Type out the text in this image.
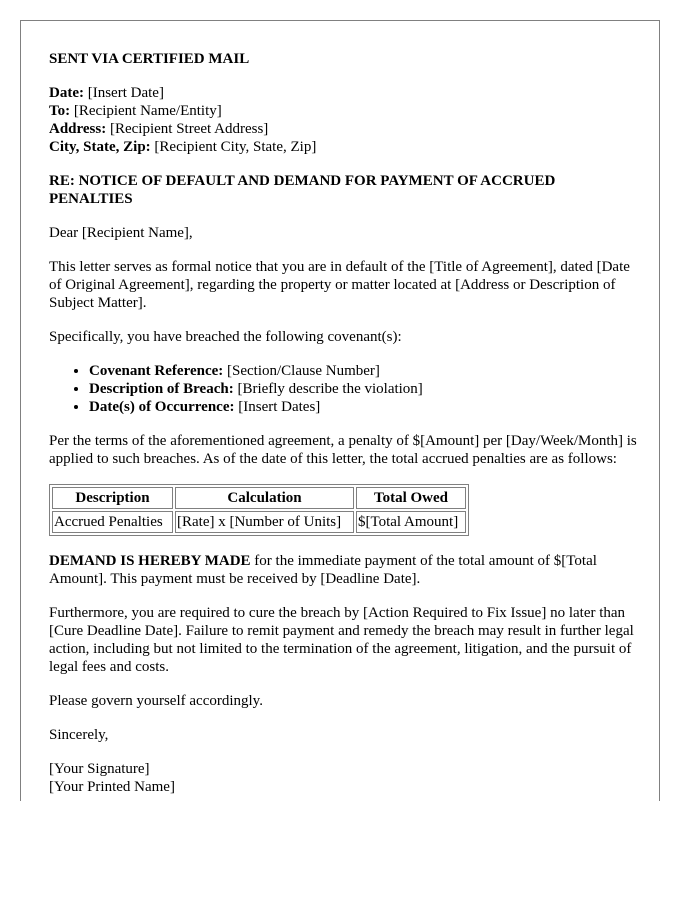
SENT VIA CERTIFIED MAIL

Date: [Insert Date]

To: [Recipient Name/Entity]

Address: [Recipient Street Address]

City, State, Zip: [Recipient City, State, Zip]

RE: NOTICE OF DEFAULT AND DEMAND FOR PAYMENT OF ACCRUED PENALTIES

Dear [Recipient Name],

This letter serves as formal notice that you are in default of the [Title of Agreement], dated [Date of Original Agreement], regarding the property or matter located at [Address or Description of Subject Matter].

Specifically, you have breached the following covenant(s):

• Covenant Reference: [Section/Clause Number]
• Description of Breach: [Briefly describe the violation]
• Date(s) of Occurrence: [Insert Dates]

Per the terms of the aforementioned agreement, a penalty of $[Amount] per [Day/Week/Month] is applied to such breaches. As of the date of this letter, the total accrued penalties are as follows:

Description	Calculation	Total Owed
Accrued Penalties	[Rate] x [Number of Units]	$[Total Amount]

DEMAND IS HEREBY MADE for the immediate payment of the total amount of $[Total Amount]. This payment must be received by [Deadline Date].

Furthermore, you are required to cure the breach by [Action Required to Fix Issue] no later than [Cure Deadline Date]. Failure to remit payment and remedy the breach may result in further legal action, including but not limited to the termination of the agreement, litigation, and the pursuit of legal fees and costs.

Please govern yourself accordingly.

Sincerely,

[Your Signature]

[Your Printed Name]
